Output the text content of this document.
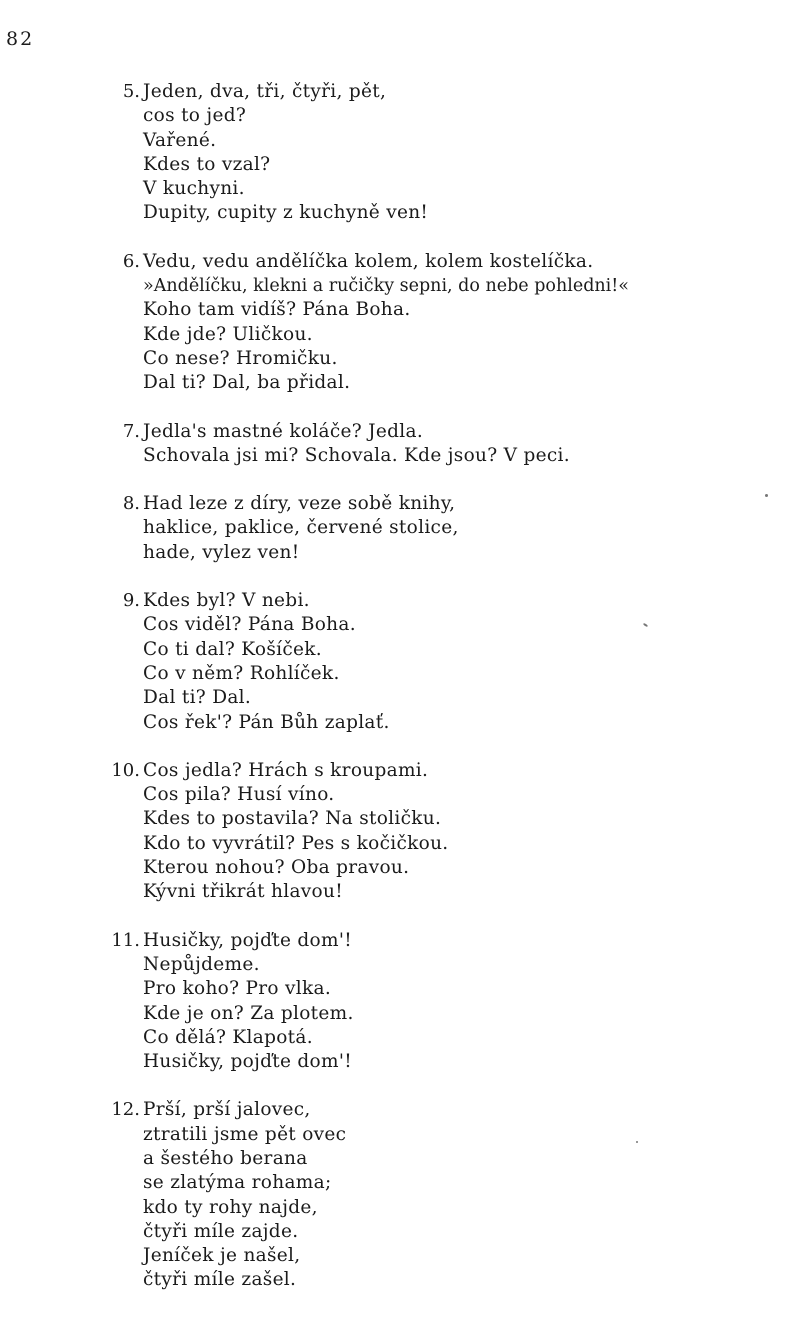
82
5. Jeden, dva, tři, čtyři, pět,
cos to jed?
Vařené.
Kdes to vzal?
V kuchyni.
Dupity, cupity z kuchyně ven!
6. Vedu, vedu andělíčka kolem, kolem kostelíčka.
»Andělíčku, klekni a ručičky sepni, do nebe pohledni!«
Koho tam vidíš? Pána Boha.
Kde jde? Uličkou.
Co nese? Hromičku.
Dal ti? Dal, ba přidal.
7. Jedla's mastné koláče? Jedla.
Schovala jsi mi? Schovala. Kde jsou? V peci.
8. Had leze z díry, veze sobě knihy,
haklice, paklice, červené stolice,
hade, vylez ven!
9. Kdes byl? V nebi.
Cos viděl? Pána Boha.
Co ti dal? Košíček.
Co v něm? Rohlíček.
Dal ti? Dal.
Cos řek'? Pán Bůh zaplať.
10. Cos jedla? Hrách s kroupami.
Cos pila? Husí víno.
Kdes to postavila? Na stoličku.
Kdo to vyvrátil? Pes s kočičkou.
Kterou nohou? Oba pravou.
Kývni třikrát hlavou!
11. Husičky, pojďte dom'!
Nepůjdeme.
Pro koho? Pro vlka.
Kde je on? Za plotem.
Co dělá? Klapotá.
Husičky, pojďte dom'!
12. Prší, prší jalovec,
ztratili jsme pět ovec
a šestého berana
se zlatýma rohama;
kdo ty rohy najde,
čtyři míle zajde.
Jeníček je našel,
čtyři míle zašel.
